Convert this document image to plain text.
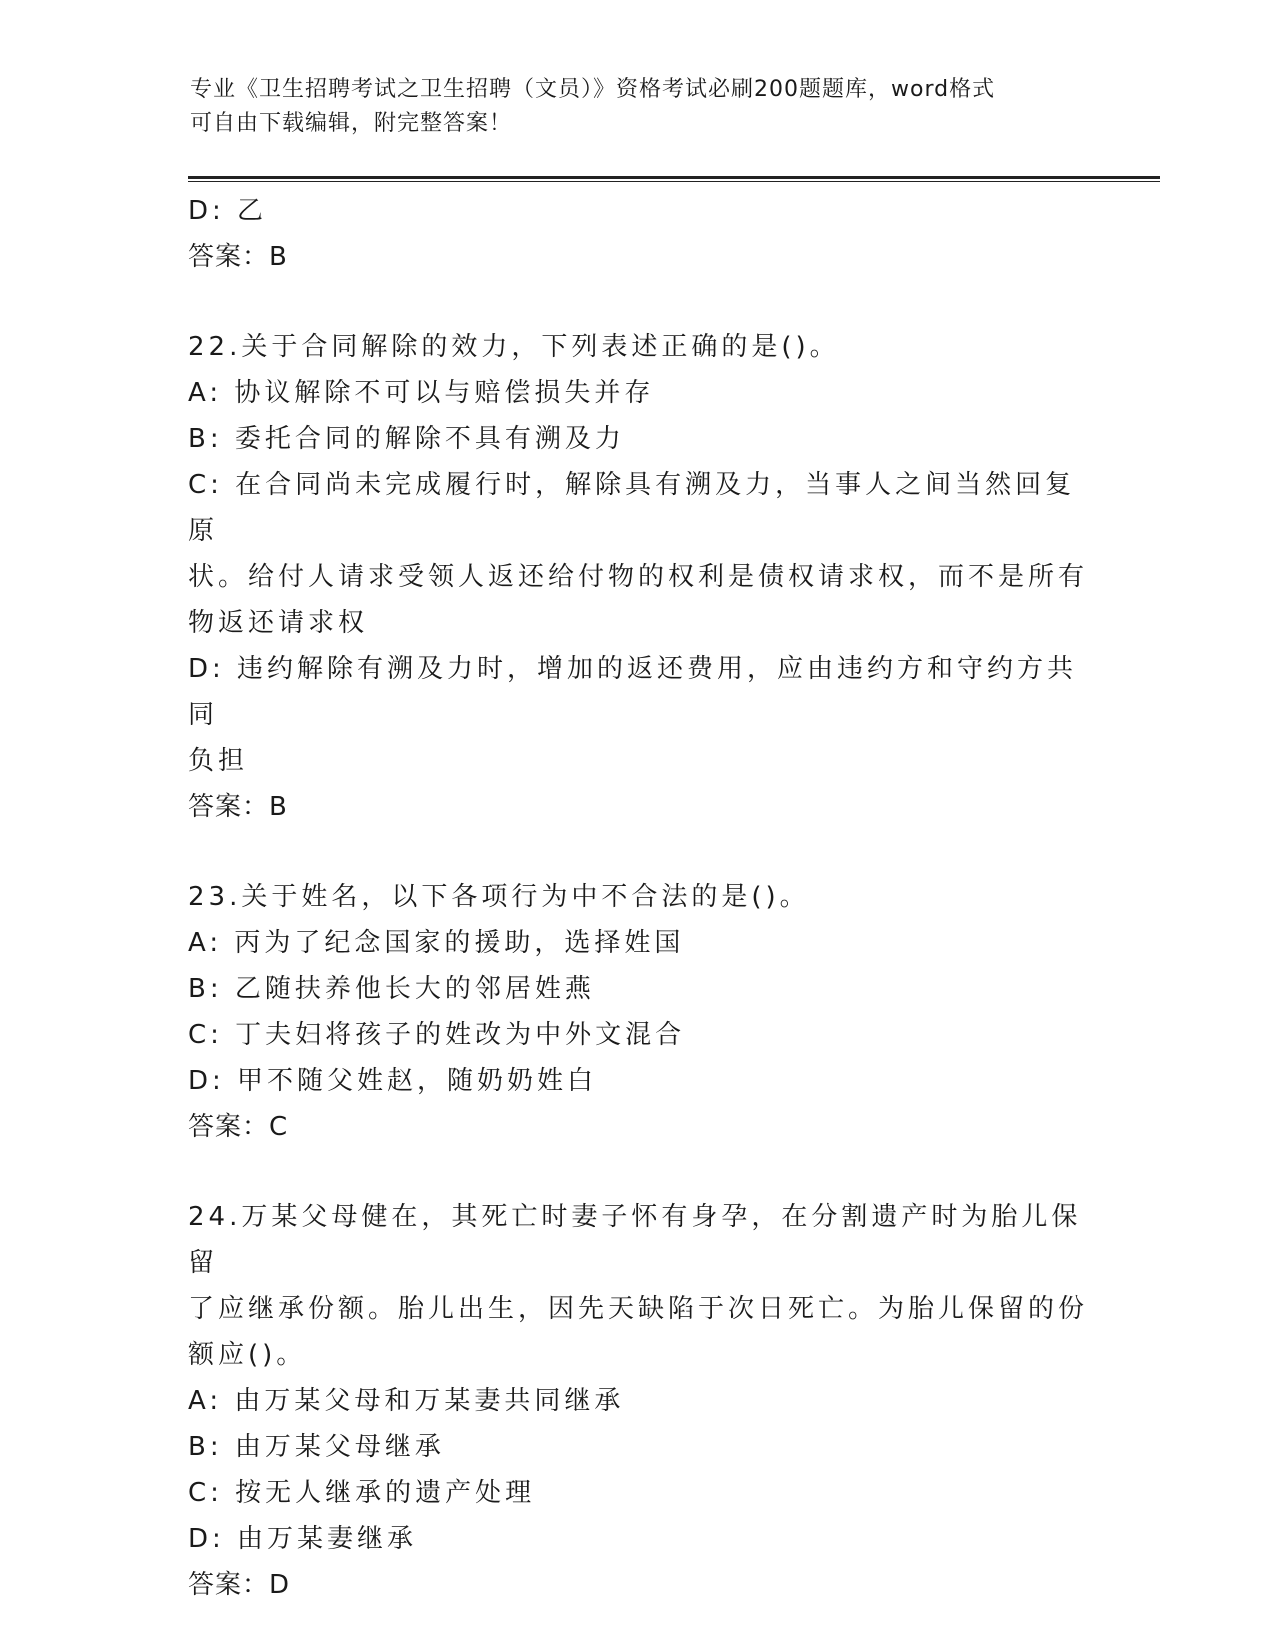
专业《卫生招聘考试之卫生招聘（文员）》资格考试必刷200题题库，word格式
可自由下载编辑，附完整答案！

D: 乙

答案：B

22.关于合同解除的效力，下列表述正确的是()。

A: 协议解除不可以与赔偿损失并存

B: 委托合同的解除不具有溯及力

C: 在合同尚未完成履行时，解除具有溯及力，当事人之间当然回复原

状。给付人请求受领人返还给付物的权利是债权请求权，而不是所有

物返还请求权

D: 违约解除有溯及力时，增加的返还费用，应由违约方和守约方共同

负担

答案：B

23.关于姓名，以下各项行为中不合法的是()。

A: 丙为了纪念国家的援助，选择姓国

B: 乙随扶养他长大的邻居姓燕

C: 丁夫妇将孩子的姓改为中外文混合

D: 甲不随父姓赵，随奶奶姓白

答案：C

24.万某父母健在，其死亡时妻子怀有身孕，在分割遗产时为胎儿保留

了应继承份额。胎儿出生，因先天缺陷于次日死亡。为胎儿保留的份

额应()。

A: 由万某父母和万某妻共同继承

B: 由万某父母继承

C: 按无人继承的遗产处理

D: 由万某妻继承

答案：D
